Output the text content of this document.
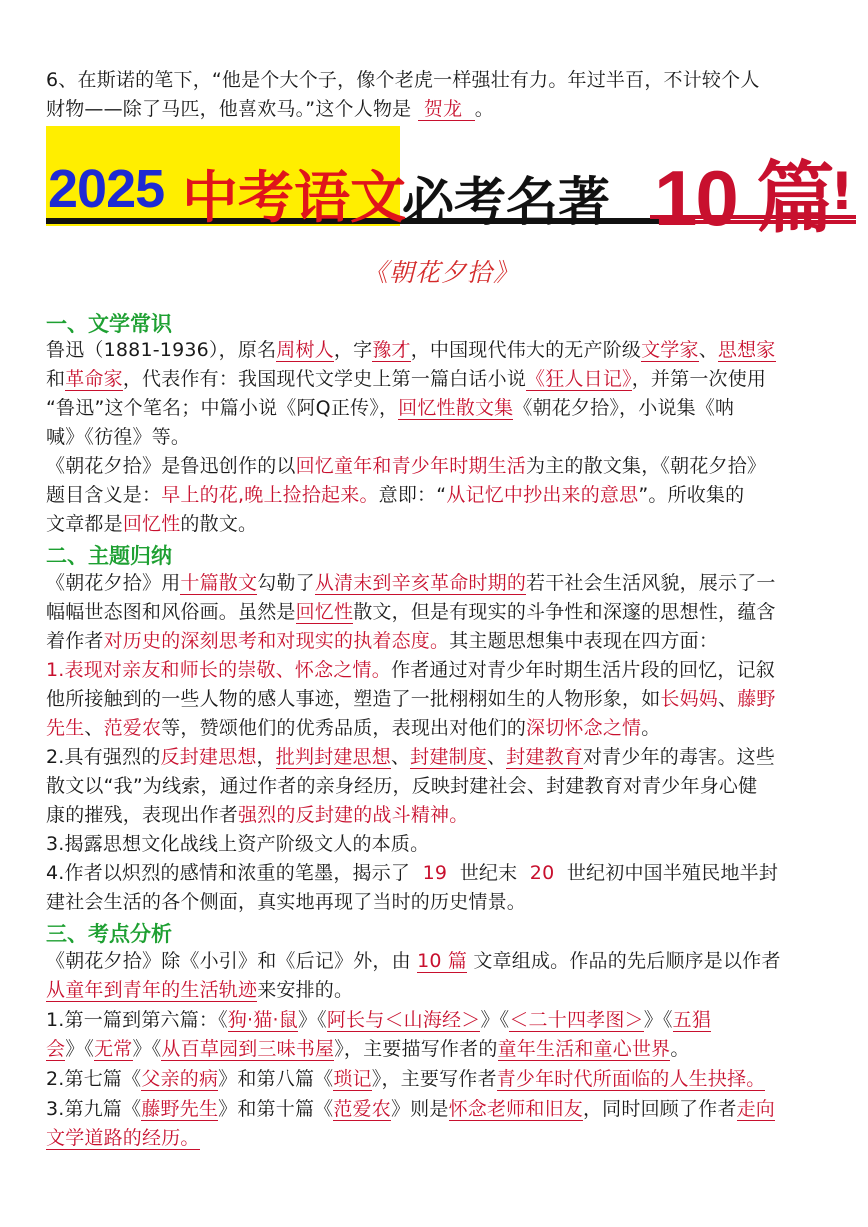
6、在斯诺的笔下，“他是个大个子，像个老虎一样强壮有力。年过半百，不计较个人
财物——除了马匹，他喜欢马。”这个人物是 贺龙 。
《朝花夕拾》
一、文学常识
鲁迅（1881-1936），原名周树人，字豫才，中国现代伟大的无产阶级文学家、思想家
和革命家，代表作有：我国现代文学史上第一篇白话小说《狂人日记》，并第一次使用
“鲁迅”这个笔名；中篇小说《阿Q正传》，回忆性散文集《朝花夕拾》，小说集《呐
喊》《彷徨》等。
《朝花夕拾》是鲁迅创作的以回忆童年和青少年时期生活为主的散文集，《朝花夕拾》
题目含义是：早上的花,晚上捡拾起来。意即：“从记忆中抄出来的意思”。所收集的
文章都是回忆性的散文。
二、主题归纳
《朝花夕拾》用十篇散文勾勒了从清末到辛亥革命时期的若干社会生活风貌，展示了一
幅幅世态图和风俗画。虽然是回忆性散文，但是有现实的斗争性和深邃的思想性，蕴含
着作者对历史的深刻思考和对现实的执着态度。其主题思想集中表现在四方面：
1.表现对亲友和师长的崇敬、怀念之情。作者通过对青少年时期生活片段的回忆，记叙
他所接触到的一些人物的感人事迹，塑造了一批栩栩如生的人物形象，如长妈妈、藤野
先生、范爱农等，赞颂他们的优秀品质，表现出对他们的深切怀念之情。
2.具有强烈的反封建思想，批判封建思想、封建制度、封建教育对青少年的毒害。这些
散文以“我”为线索，通过作者的亲身经历，反映封建社会、封建教育对青少年身心健
康的摧残，表现出作者强烈的反封建的战斗精神。
3.揭露思想文化战线上资产阶级文人的本质。
4.作者以炽烈的感情和浓重的笔墨，揭示了 19 世纪末 20 世纪初中国半殖民地半封
建社会生活的各个侧面，真实地再现了当时的历史情景。
三、考点分析
《朝花夕拾》除《小引》和《后记》外，由 10 篇 文章组成。作品的先后顺序是以作者
从童年到青年的生活轨迹来安排的。
1.第一篇到第六篇：《狗·猫·鼠》《阿长与＜山海经＞》《＜二十四孝图＞》《五猖
会》《无常》《从百草园到三味书屋》，主要描写作者的童年生活和童心世界。
2.第七篇《父亲的病》和第八篇《琐记》，主要写作者青少年时代所面临的人生抉择。
3.第九篇《藤野先生》和第十篇《范爱农》则是怀念老师和旧友，同时回顾了作者走向
文学道路的经历。
2025 中考语文
必考名著 10 篇
!
